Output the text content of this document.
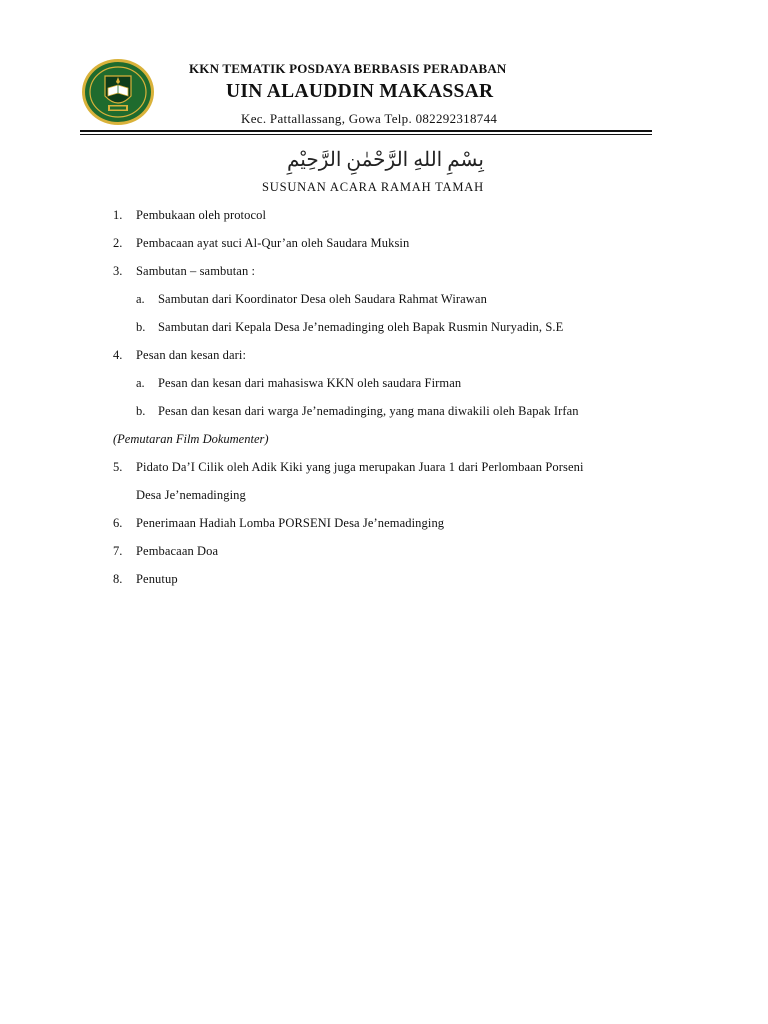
KKN TEMATIK POSDAYA BERBASIS PERADABAN
UIN ALAUDDIN MAKASSAR
Kec. Pattallassang, Gowa Telp. 082292318744
بِسْمِ اللهِ الرَّحْمٰنِ الرَّحِيْمِ
SUSUNAN ACARA RAMAH TAMAH
1. Pembukaan oleh protocol
2. Pembacaan ayat suci Al-Qur’an oleh Saudara Muksin
3. Sambutan – sambutan :
a. Sambutan dari Koordinator Desa oleh Saudara Rahmat Wirawan
b. Sambutan dari Kepala Desa Je’nemadinging oleh Bapak Rusmin Nuryadin, S.E
4. Pesan dan kesan dari:
a. Pesan dan kesan dari mahasiswa KKN oleh saudara Firman
b. Pesan dan kesan dari warga Je’nemadinging, yang mana diwakili oleh Bapak Irfan
(Pemutaran Film Dokumenter)
5. Pidato Da’I Cilik oleh Adik Kiki yang juga merupakan Juara 1 dari Perlombaan Porseni
Desa Je’nemadinging
6. Penerimaan Hadiah Lomba PORSENI Desa Je’nemadinging
7. Pembacaan Doa
8. Penutup
